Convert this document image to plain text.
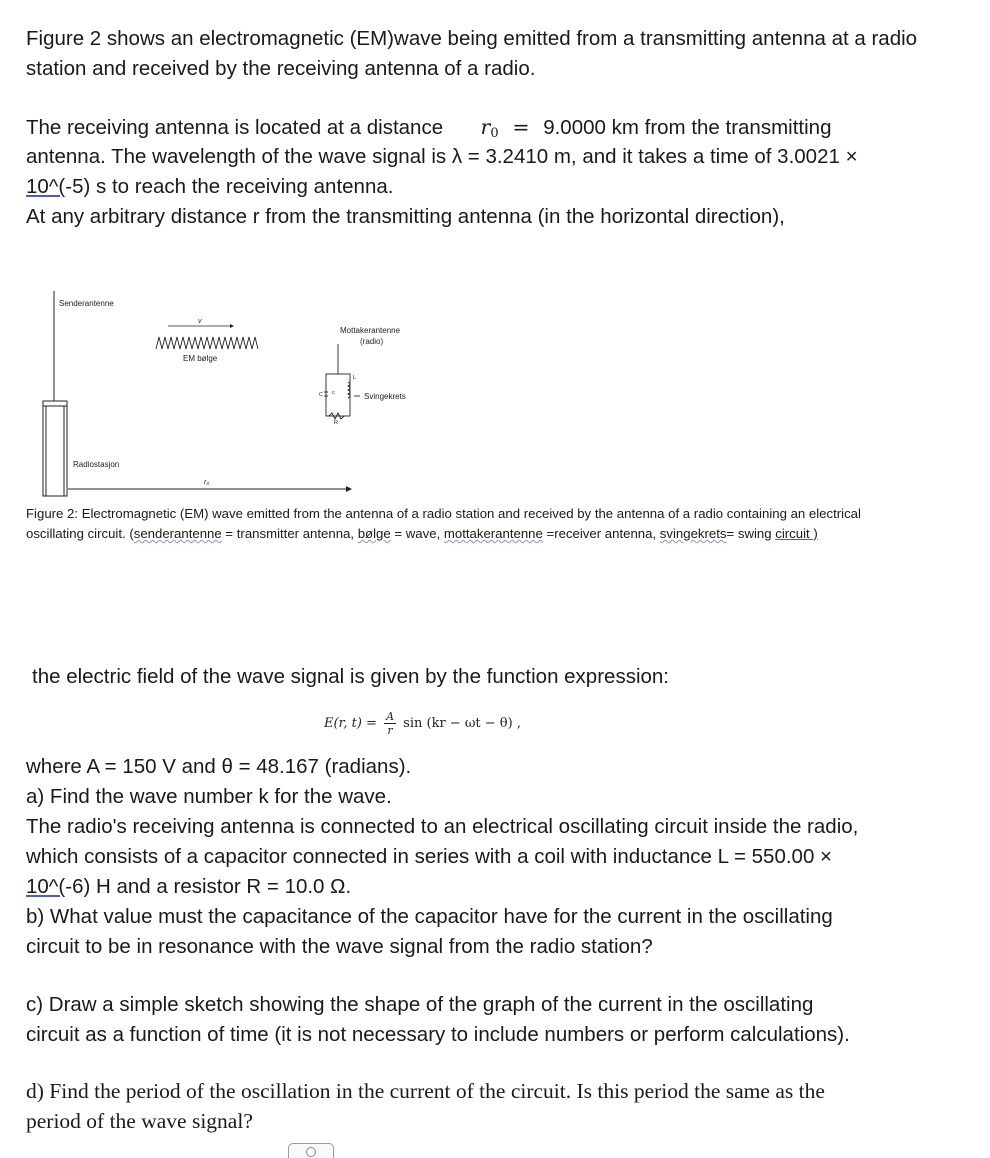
Figure 2 shows an electromagnetic (EM)wave being emitted from a transmitting antenna at a radio station and received by the receiving antenna of a radio.

The receiving antenna is located at a distance $r_0 = 9.0000$ km from the transmitting
antenna. The wavelength of the wave signal is λ = 3.2410 m, and it takes a time of 3.0021 ×
10^(-5) s to reach the receiving antenna.
At any arbitrary distance r from the transmitting antenna (in the horizontal direction),
Senderantenne
Radiostasjon
v
EM bølge
Mottakerantenne
(radio)
Svingekrets
r₀
C
L
R
c
Figure 2: Electromagnetic (EM) wave emitted from the antenna of a radio station and received by the antenna of a radio containing an electrical
oscillating circuit. (senderantenne = transmitter antenna, bølge = wave, mottakerantenne =receiver antenna, svingekrets= swing circuit )
the electric field of the wave signal is given by the function expression:
E(r, $t) = \frac{A}{r}$ sin (kr − ωt − θ) ,
where A = 150 V and θ = 48.167 (radians).
a) Find the wave number k for the wave.
The radio's receiving antenna is connected to an electrical oscillating circuit inside the radio,
which consists of a capacitor connected in series with a coil with inductance L = 550.00 ×
10^(-6) H and a resistor R = 10.0 Ω.
b) What value must the capacitance of the capacitor have for the current in the oscillating
circuit to be in resonance with the wave signal from the radio station?
c) Draw a simple sketch showing the shape of the graph of the current in the oscillating
circuit as a function of time (it is not necessary to include numbers or perform calculations).
d) Find the period of the oscillation in the current of the circuit. Is this period the same as the
period of the wave signal?
